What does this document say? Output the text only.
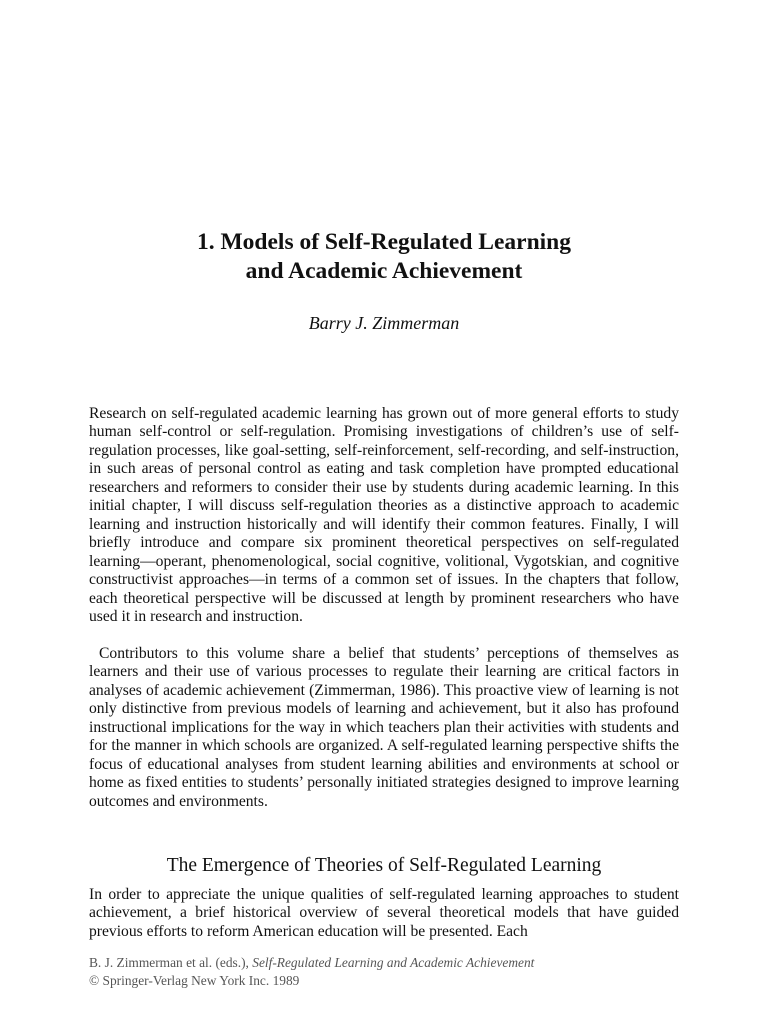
1. Models of Self-Regulated Learning
and Academic Achievement

Barry J. Zimmerman

Research on self-regulated academic learning has grown out of more general efforts to study human self-control or self-regulation. Promising investigations of children’s use of self-regulation processes, like goal-setting, self-reinforcement, self-recording, and self-instruction, in such areas of personal control as eating and task completion have prompted educational researchers and reformers to consider their use by students during academic learning. In this initial chapter, I will discuss self-regulation theories as a distinctive approach to academic learning and instruction historically and will identify their common features. Finally, I will briefly introduce and compare six prominent theoretical perspectives on self-regulated learning—operant, phenomenological, social cognitive, volitional, Vygotskian, and cognitive constructivist approaches—in terms of a common set of issues. In the chapters that follow, each theoretical perspective will be discussed at length by prominent researchers who have used it in research and instruction.

Contributors to this volume share a belief that students’ perceptions of themselves as learners and their use of various processes to regulate their learning are critical factors in analyses of academic achievement (Zimmerman, 1986). This proactive view of learning is not only distinctive from previous models of learning and achievement, but it also has profound instructional implications for the way in which teachers plan their activities with students and for the manner in which schools are organized. A self-regulated learning perspective shifts the focus of educational analyses from student learning abilities and environments at school or home as fixed entities to students’ personally initiated strategies designed to improve learning outcomes and environments.

The Emergence of Theories of Self-Regulated Learning

In order to appreciate the unique qualities of self-regulated learning approaches to student achievement, a brief historical overview of several theoretical models that have guided previous efforts to reform American education will be presented. Each

B. J. Zimmerman et al. (eds.), Self-Regulated Learning and Academic Achievement
© Springer-Verlag New York Inc. 1989
